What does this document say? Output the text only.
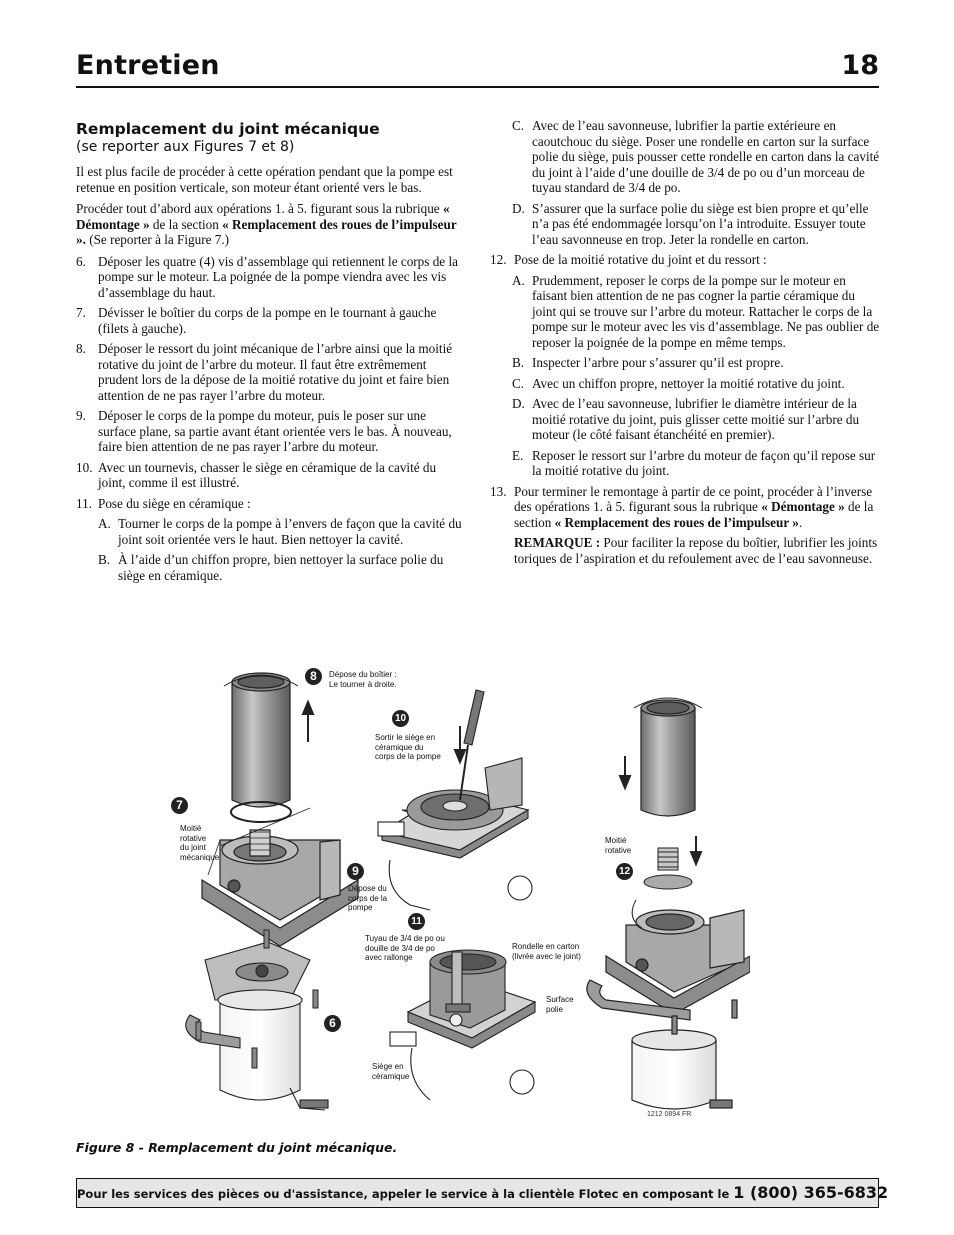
Entretien	18
Remplacement du joint mécanique
(se reporter aux Figures 7 et 8)

Il est plus facile de procéder à cette opération pendant que la pompe est retenue en position verticale, son moteur étant orienté vers le bas.

Procéder tout d’abord aux opérations 1. à 5. figurant sous la rubrique « Démontage » de la section « Remplacement des roues de l’impulseur ». (Se reporter à la Figure 7.)

6. Déposer les quatre (4) vis d’assemblage qui retiennent le corps de la pompe sur le moteur. La poignée de la pompe viendra avec les vis d’assemblage du haut.
7. Dévisser le boîtier du corps de la pompe en le tournant à gauche (filets à gauche).
8. Déposer le ressort du joint mécanique de l’arbre ainsi que la moitié rotative du joint de l’arbre du moteur. Il faut être extrêmement prudent lors de la dépose de la moitié rotative du joint et faire bien attention de ne pas rayer l’arbre du moteur.
9. Déposer le corps de la pompe du moteur, puis le poser sur une surface plane, sa partie avant étant orientée vers le bas. À nouveau, faire bien attention de ne pas rayer l’arbre du moteur.
10. Avec un tournevis, chasser le siège en céramique de la cavité du joint, comme il est illustré.
11. Pose du siège en céramique :
A. Tourner le corps de la pompe à l’envers de façon que la cavité du joint soit orientée vers le haut. Bien nettoyer la cavité.
B. À l’aide d’un chiffon propre, bien nettoyer la surface polie du siège en céramique.
C. Avec de l’eau savonneuse, lubrifier la partie extérieure en caoutchouc du siège. Poser une rondelle en carton sur la surface polie du siège, puis pousser cette rondelle en carton dans la cavité du joint à l’aide d’une douille de 3/4 de po ou d’un morceau de tuyau standard de 3/4 de po.
D. S’assurer que la surface polie du siège est bien propre et qu’elle n’a pas été endommagée lorsqu’on l’a introduite. Essuyer toute l’eau savonneuse en trop. Jeter la rondelle en carton.
12. Pose de la moitié rotative du joint et du ressort :
A. Prudemment, reposer le corps de la pompe sur le moteur en faisant bien attention de ne pas cogner la partie céramique du joint qui se trouve sur l’arbre du moteur. Rattacher le corps de la pompe sur le moteur avec les vis d’assemblage. Ne pas oublier de reposer la poignée de la pompe en même temps.
B. Inspecter l’arbre pour s’assurer qu’il est propre.
C. Avec un chiffon propre, nettoyer la moitié rotative du joint.
D. Avec de l’eau savonneuse, lubrifier le diamètre intérieur de la moitié rotative du joint, puis glisser cette moitié sur l’arbre du moteur (le côté faisant étanchéité en premier).
E. Reposer le ressort sur l’arbre du moteur de façon qu’il repose sur la moitié rotative du joint.
13. Pour terminer le remontage à partir de ce point, procéder à l’inverse des opérations 1. à 5. figurant sous la rubrique « Démontage » de la section « Remplacement des roues de l’impulseur ».

REMARQUE : Pour faciliter la repose du boîtier, lubrifier les joints toriques de l’aspiration et du refoulement avec de l’eau savonneuse.

8
10
7
9	12
11
6
Dépose du boîtier :
Le tourner à droite.
Sortir le siège en
céramique du
corps de la pompe
Moitié
rotative
du joint
mécanique
Dépose du
corps de la
pompe
Moitié
rotative
Tuyau de 3/4 de po ou
douille de 3/4 de po
avec rallonge
Rondelle en carton
(livrée avec le joint)
Surface
polie
Siège en
céramique
1212 0894 FR
Figure 8 - Remplacement du joint mécanique.
Pour les services des pièces ou d'assistance, appeler le service à la clientèle Flotec en composant le 1 (800) 365-6832
